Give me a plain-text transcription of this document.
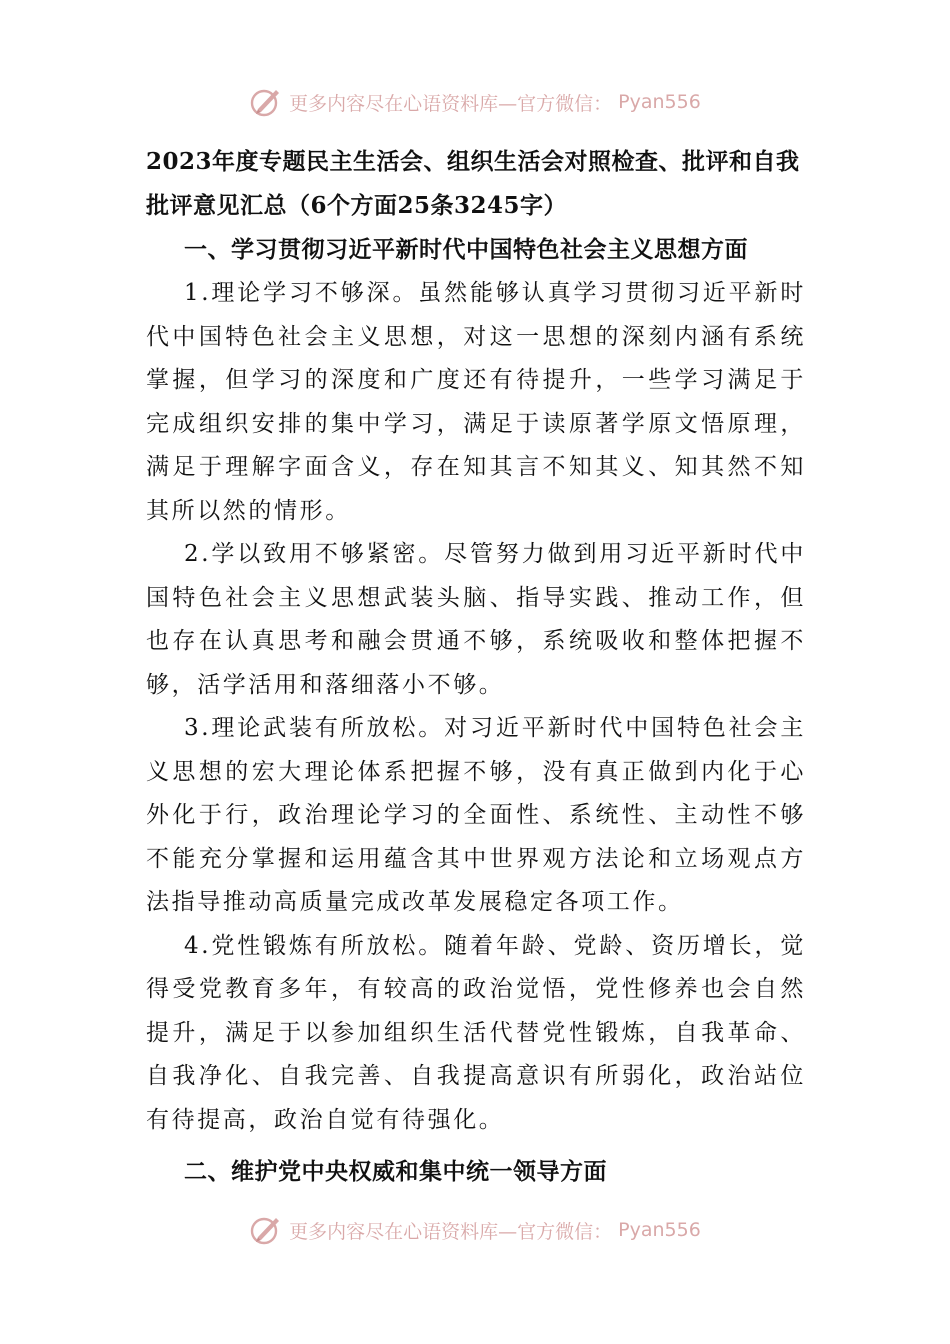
更多内容尽在心语资料库—官方微信： Pyan556
2023年度专题民主生活会、组织生活会对照检查、批评和自我批评意见汇总（6个方面25条3245字）
一、学习贯彻习近平新时代中国特色社会主义思想方面

1.理论学习不够深。虽然能够认真学习贯彻习近平新时代中国特色社会主义思想，对这一思想的深刻内涵有系统掌握，但学习的深度和广度还有待提升，一些学习满足于完成组织安排的集中学习，满足于读原著学原文悟原理，满足于理解字面含义，存在知其言不知其义、知其然不知其所以然的情形。

2.学以致用不够紧密。尽管努力做到用习近平新时代中国特色社会主义思想武装头脑、指导实践、推动工作，但也存在认真思考和融会贯通不够，系统吸收和整体把握不够，活学活用和落细落小不够。

3.理论武装有所放松。对习近平新时代中国特色社会主义思想的宏大理论体系把握不够，没有真正做到内化于心外化于行，政治理论学习的全面性、系统性、主动性不够不能充分掌握和运用蕴含其中世界观方法论和立场观点方法指导推动高质量完成改革发展稳定各项工作。

4.党性锻炼有所放松。随着年龄、党龄、资历增长，觉得受党教育多年，有较高的政治觉悟，党性修养也会自然提升，满足于以参加组织生活代替党性锻炼，自我革命、自我净化、自我完善、自我提高意识有所弱化，政治站位有待提高，政治自觉有待强化。

二、维护党中央权威和集中统一领导方面
更多内容尽在心语资料库—官方微信： Pyan556
